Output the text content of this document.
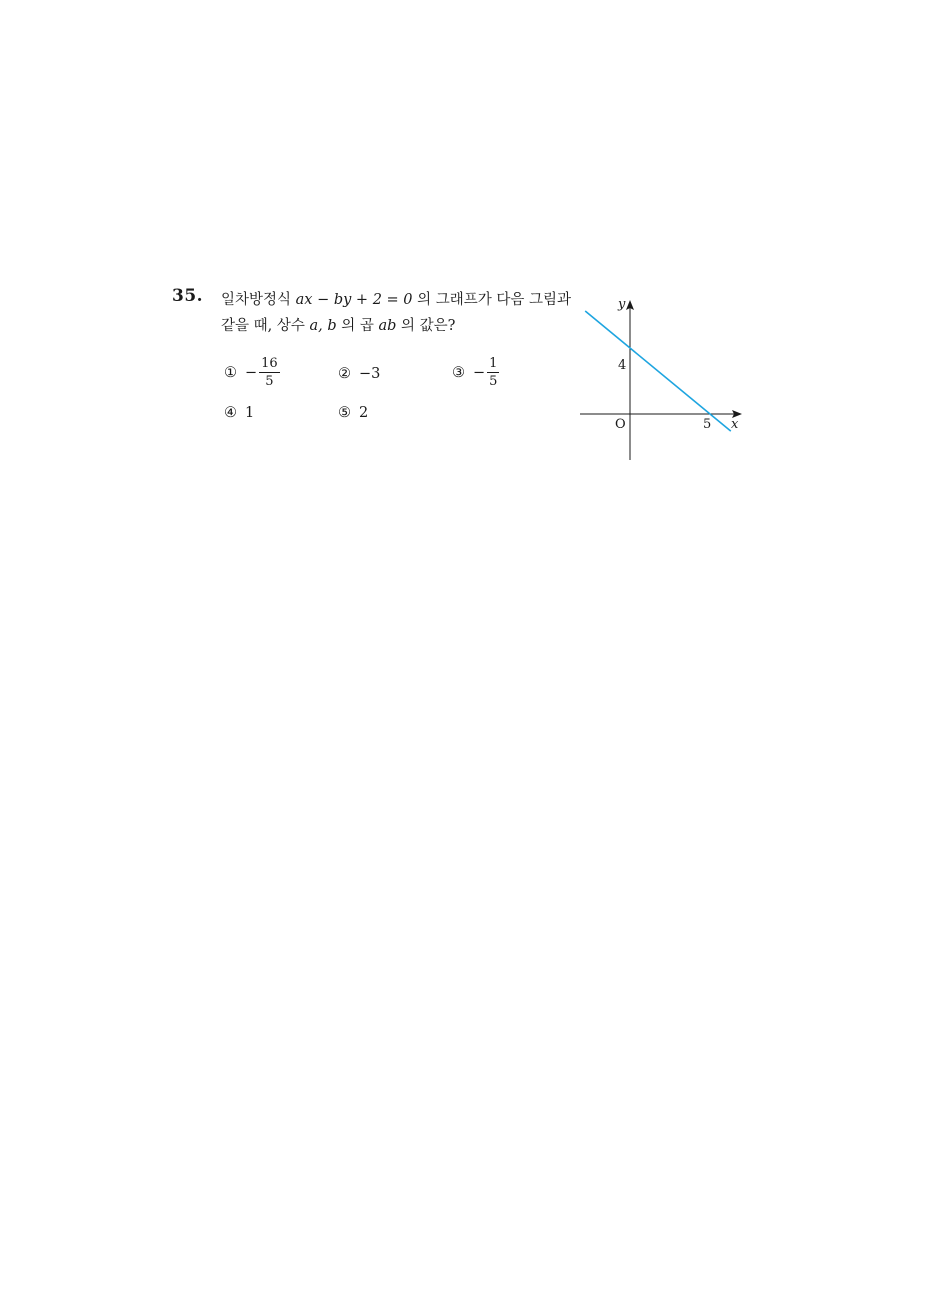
35. 일차방정식 ax − by + 2 = 0 의 그래프가 다음 그림과
같을 때, 상수 a, b 의 곱 ab 의 값은?
① − $\frac{16}{5}$	② −3	③ − $\frac{1}{5}$
④ 1	⑤ 2
y
x
O	5
4
